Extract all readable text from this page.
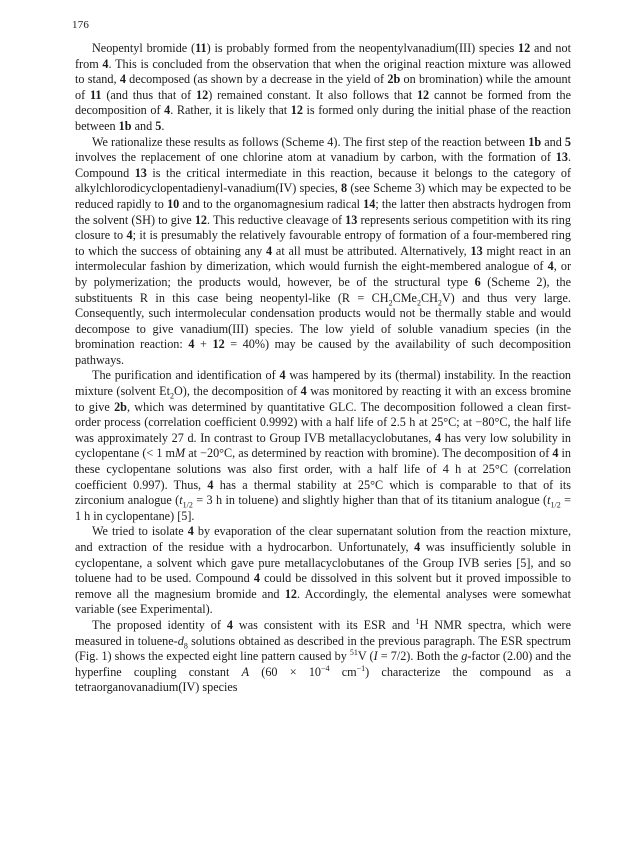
176

Neopentyl bromide (11) is probably formed from the neopentylvanadium(III) species 12 and not from 4. This is concluded from the observation that when the original reaction mixture was allowed to stand, 4 decomposed (as shown by a decrease in the yield of 2b on bromination) while the amount of 11 (and thus that of 12) remained constant. It also follows that 12 cannot be formed from the decomposition of 4. Rather, it is likely that 12 is formed only during the initial phase of the reaction between 1b and 5.

We rationalize these results as follows (Scheme 4). The first step of the reaction between 1b and 5 involves the replacement of one chlorine atom at vanadium by carbon, with the formation of 13. Compound 13 is the critical intermediate in this reaction, because it belongs to the category of alkylchlorodicyclopentadienyl-vanadium(IV) species, 8 (see Scheme 3) which may be expected to be reduced rapidly to 10 and to the organomagnesium radical 14; the latter then abstracts hydrogen from the solvent (SH) to give 12. This reductive cleavage of 13 represents serious competition with its ring closure to 4; it is presumably the relatively favourable entropy of formation of a four-membered ring to which the success of obtaining any 4 at all must be attributed. Alternatively, 13 might react in an intermolecular fashion by dimerization, which would furnish the eight-membered analogue of 4, or by polymerization; the products would, however, be of the structural type 6 (Scheme 2), the substituents R in this case being neopentyl-like $(R = CH_2CMe_2CH_2V)$ and thus very large. Consequently, such intermolecular condensation products would not be thermally stable and would decompose to give vanadium(III) species. The low yield of soluble vanadium species (in the bromination reaction: 4 + 12 = 40%) may be caused by the availability of such decomposition pathways.

The purification and identification of 4 was hampered by its (thermal) instability. In the reaction mixture (solvent $Et_2O$), the decomposition of 4 was monitored by reacting it with an excess bromine to give 2b, which was determined by quantitative GLC. The decomposition followed a clean first-order process (correlation coefficient 0.9992) with a half life of 2.5 h at 25°C; at −80°C, the half life was approximately 27 d. In contrast to Group IVB metallacyclobutanes, 4 has very low solubility in cyclopentane (< 1 mM at −20°C, as determined by reaction with bromine). The decomposition of 4 in these cyclopentane solutions was also first order, with a half life of 4 h at 25°C (correlation coefficient 0.997). Thus, 4 has a thermal stability at 25°C which is comparable to that of its zirconium analogue ($t_{1/2} = 3$ h in toluene) and slightly higher than that of its titanium analogue ($t_{1/2} = 1$ h in cyclopentane) [5].

We tried to isolate 4 by evaporation of the clear supernatant solution from the reaction mixture, and extraction of the residue with a hydrocarbon. Unfortunately, 4 was insufficiently soluble in cyclopentane, a solvent which gave pure metallacyclobutanes of the Group IVB series [5], and so toluene had to be used. Compound 4 could be dissolved in this solvent but it proved impossible to remove all the magnesium bromide and 12. Accordingly, the elemental analyses were somewhat variable (see Experimental).

The proposed identity of 4 was consistent with its ESR and $^1$H NMR spectra, which were measured in toluene-$d_8$ solutions obtained as described in the previous paragraph. The ESR spectrum (Fig. 1) shows the expected eight line pattern caused by $^{51}$V (I = 7/2). Both the g-factor (2.00) and the hyperfine coupling constant A ($60 \times 10^{-4}$ $cm^{-1}$) characterize the compound as a tetraorganovanadium(IV) species
